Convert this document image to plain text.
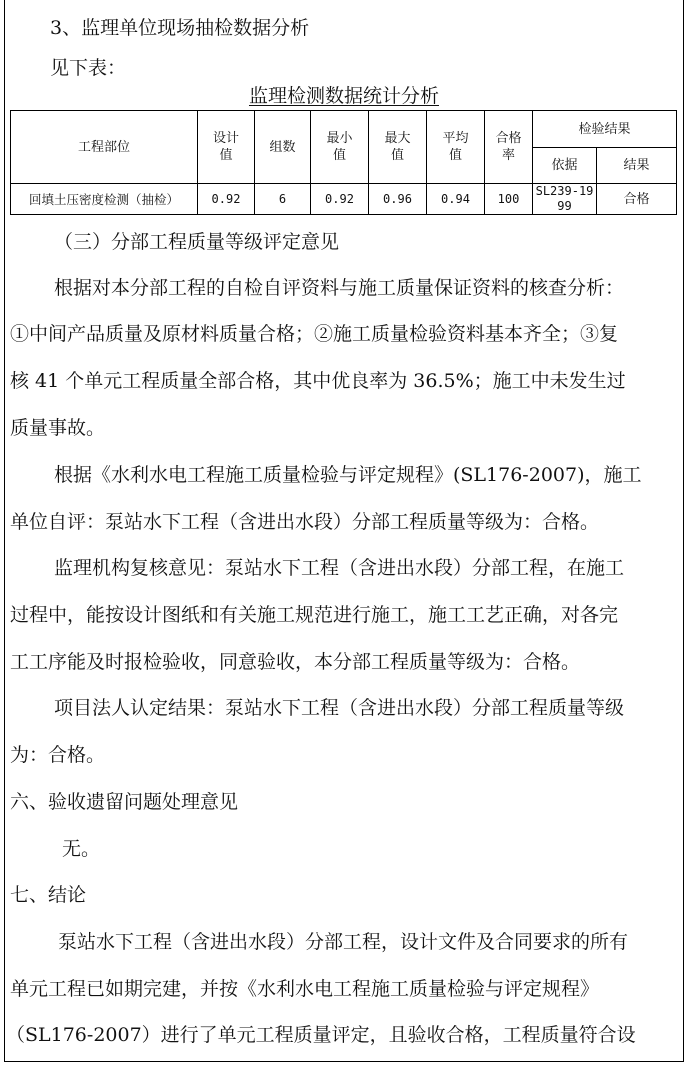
3、监理单位现场抽检数据分析
见下表：
监理检测数据统计分析
工程部位	设计值	组数	最小值	最大值	平均值	合格率	检验结果	
							依据	结果
回填土压密度检测（抽检）	0.92	6	0.92	0.96	0.94	100	SL239-1999	合格
（三）分部工程质量等级评定意见
根据对本分部工程的自检自评资料与施工质量保证资料的核查分析：
①中间产品质量及原材料质量合格；②施工质量检验资料基本齐全；③复
核 41 个单元工程质量全部合格，其中优良率为 36.5%；施工中未发生过
质量事故。
根据《水利水电工程施工质量检验与评定规程》(SL176-2007)，施工
单位自评：泵站水下工程（含进出水段）分部工程质量等级为：合格。
监理机构复核意见：泵站水下工程（含进出水段）分部工程，在施工
过程中，能按设计图纸和有关施工规范进行施工，施工工艺正确，对各完
工工序能及时报检验收，同意验收，本分部工程质量等级为：合格。
项目法人认定结果：泵站水下工程（含进出水段）分部工程质量等级
为：合格。
六、验收遗留问题处理意见
无。
七、结论
泵站水下工程（含进出水段）分部工程，设计文件及合同要求的所有
单元工程已如期完建，并按《水利水电工程施工质量检验与评定规程》
（SL176-2007）进行了单元工程质量评定，且验收合格，工程质量符合设
